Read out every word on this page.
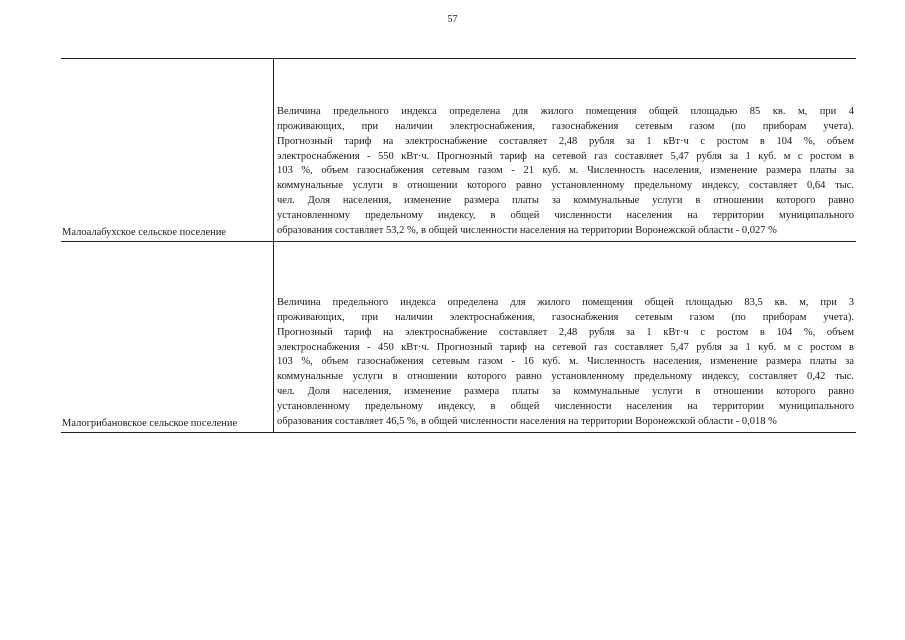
57
Малоалабухское сельское поселение
Величина предельного индекса определена для жилого помещения общей площадью 85 кв. м, при 4
проживающих, при наличии электроснабжения, газоснабжения сетевым газом (по приборам учета).
Прогнозный тариф на электроснабжение составляет 2,48 рубля за 1 кВт·ч с ростом в 104 %, объем
электроснабжения - 550 кВт·ч. Прогнозный тариф на сетевой газ составляет 5,47 рубля за 1 куб. м с ростом в
103 %, объем газоснабжения сетевым газом - 21 куб. м. Численность населения, изменение размера платы за
коммунальные услуги в отношении которого равно установленному предельному индексу, составляет 0,64 тыс.
чел. Доля населения, изменение размера платы за коммунальные услуги в отношении которого равно
установленному предельному индексу, в общей численности населения на территории муниципального
образования составляет 53,2 %, в общей численности населения на территории Воронежской области - 0,027 %
Малогрибановское сельское поселение
Величина предельного индекса определена для жилого помещения общей площадью 83,5 кв. м, при 3
проживающих, при наличии электроснабжения, газоснабжения сетевым газом (по приборам учета).
Прогнозный тариф на электроснабжение составляет 2,48 рубля за 1 кВт·ч с ростом в 104 %, объем
электроснабжения - 450 кВт·ч. Прогнозный тариф на сетевой газ составляет 5,47 рубля за 1 куб. м с ростом в
103 %, объем газоснабжения сетевым газом - 16 куб. м. Численность населения, изменение размера платы за
коммунальные услуги в отношении которого равно установленному предельному индексу, составляет 0,42 тыс.
чел. Доля населения, изменение размера платы за коммунальные услуги в отношении которого равно
установленному предельному индексу, в общей численности населения на территории муниципального
образования составляет 46,5 %, в общей численности населения на территории Воронежской области - 0,018 %
